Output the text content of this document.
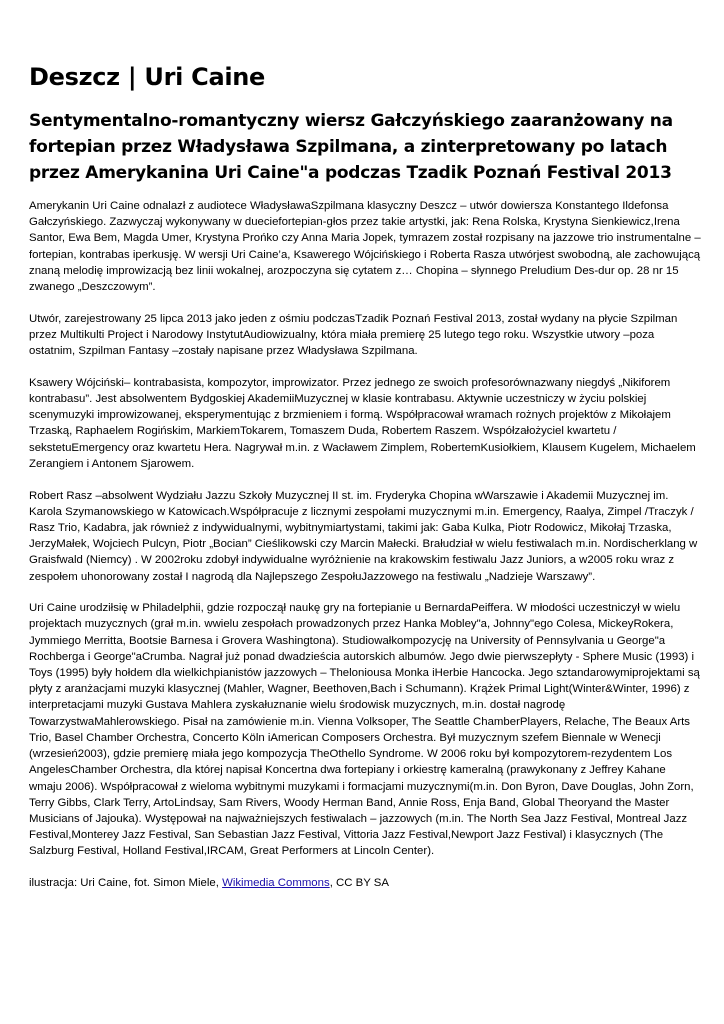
Deszcz | Uri Caine
Sentymentalno-romantyczny wiersz Gałczyńskiego zaaranżowany na fortepian przez Władysława Szpilmana, a zinterpretowany po latach przez Amerykanina Uri Caine"a podczas Tzadik Poznań Festival 2013

Amerykanin Uri Caine odnalazł z audiotece WładysławaSzpilmana klasyczny Deszcz – utwór dowiersza Konstantego Ildefonsa Gałczyńskiego. Zazwyczaj wykonywany w dueciefortepian-głos przez takie artystki, jak: Rena Rolska, Krystyna Sienkiewicz,Irena Santor, Ewa Bem, Magda Umer, Krystyna Prońko czy Anna Maria Jopek, tymrazem został rozpisany na jazzowe trio instrumentalne – fortepian, kontrabas iperkusję. W wersji Uri Caine’a, Ksawerego Wójcińskiego i Roberta Rasza utwórjest swobodną, ale zachowującą znaną melodię improwizacją bez linii wokalnej, arozpoczyna się cytatem z… Chopina – słynnego Preludium Des-dur op. 28 nr 15 zwanego „Deszczowym”.

Utwór, zarejestrowany 25 lipca 2013 jako jeden z ośmiu podczasTzadik Poznań Festival 2013, został wydany na płycie Szpilman przez Multikulti Project i Narodowy InstytutAudiowizualny, która miała premierę 25 lutego tego roku. Wszystkie utwory –poza ostatnim, Szpilman Fantasy –zostały napisane przez Władysława Szpilmana.

Ksawery Wójciński– kontrabasista, kompozytor, improwizator. Przez jednego ze swoich profesorównazwany niegdyś „Nikiforem kontrabasu”. Jest absolwentem Bydgoskiej AkademiiMuzycznej w klasie kontrabasu. Aktywnie uczestniczy w życiu polskiej scenymuzyki improwizowanej, eksperymentując z brzmieniem i formą. Współpracował wramach rożnych projektów z Mikołajem Trzaską, Raphaelem Rogińskim, MarkiemTokarem, Tomaszem Duda, Robertem Raszem. Współzałożyciel kwartetu / sekstetuEmergency oraz kwartetu Hera. Nagrywał m.in. z Wacławem Zimplem, RobertemKusiołkiem, Klausem Kugelem, Michaelem Zerangiem i Antonem Sjarowem.

Robert Rasz –absolwent Wydziału Jazzu Szkoły Muzycznej II st. im. Fryderyka Chopina wWarszawie i Akademii Muzycznej im. Karola Szymanowskiego w Katowicach.Współpracuje z licznymi zespołami muzycznymi m.in. Emergency, Raalya, Zimpel /Traczyk / Rasz Trio, Kadabra, jak również z indywidualnymi, wybitnymiartystami, takimi jak: Gaba Kulka, Piotr Rodowicz, Mikołaj Trzaska, JerzyMałek, Wojciech Pulcyn, Piotr „Bocian” Cieślikowski czy Marcin Małecki. Brałudział w wielu festiwalach m.in. Nordischerklang w Graisfwald (Niemcy) . W 2002roku zdobył indywidualne wyróżnienie na krakowskim festiwalu Jazz Juniors, a w2005 roku wraz z zespołem uhonorowany został I nagrodą dla Najlepszego ZespołuJazzowego na festiwalu „Nadzieje Warszawy”.

Uri Caine urodziłsię w Philadelphii, gdzie rozpoczął naukę gry na fortepianie u BernardaPeiffera. W młodości uczestniczył w wielu projektach muzycznych (grał m.in. wwielu zespołach prowadzonych przez Hanka Mobley"a, Johnny"ego Colesa, MickeyRokera, Jymmiego Merritta, Bootsie Barnesa i Grovera Washingtona). Studiowałkompozycję na University of Pennsylvania u George"a Rochberga i George"aCrumba. Nagrał już ponad dwadzieścia autorskich albumów. Jego dwie pierwszepłyty - Sphere Music (1993) i Toys (1995) były hołdem dla wielkichpianistów jazzowych – Theloniousa Monka iHerbie Hancocka. Jego sztandarowymiprojektami są płyty z aranżacjami muzyki klasycznej (Mahler, Wagner, Beethoven,Bach i Schumann). Krążek Primal Light(Winter&Winter, 1996) z interpretacjami muzyki Gustava Mahlera zyskałuznanie wielu środowisk muzycznych, m.in. dostał nagrodę TowarzystwaMahlerowskiego. Pisał na zamówienie m.in. Vienna Volksoper, The Seattle ChamberPlayers, Relache, The Beaux Arts Trio, Basel Chamber Orchestra, Concerto Köln iAmerican Composers Orchestra. Był muzycznym szefem Biennale w Wenecji (wrzesień2003), gdzie premierę miała jego kompozycja TheOthello Syndrome. W 2006 roku był kompozytorem-rezydentem Los AngelesChamber Orchestra, dla której napisał Koncertna dwa fortepiany i orkiestrę kameralną (prawykonany z Jeffrey Kahane wmaju 2006). Współpracował z wieloma wybitnymi muzykami i formacjami muzycznymi(m.in. Don Byron, Dave Douglas, John Zorn, Terry Gibbs, Clark Terry, ArtoLindsay, Sam Rivers, Woody Herman Band, Annie Ross, Enja Band, Global Theoryand the Master Musicians of Jajouka). Występował na najważniejszych festiwalach – jazzowych (m.in. The North Sea Jazz Festival, Montreal Jazz Festival,Monterey Jazz Festival, San Sebastian Jazz Festival, Vittoria Jazz Festival,Newport Jazz Festival) i klasycznych (The Salzburg Festival, Holland Festival,IRCAM, Great Performers at Lincoln Center).

ilustracja: Uri Caine, fot. Simon Miele, Wikimedia Commons, CC BY SA
